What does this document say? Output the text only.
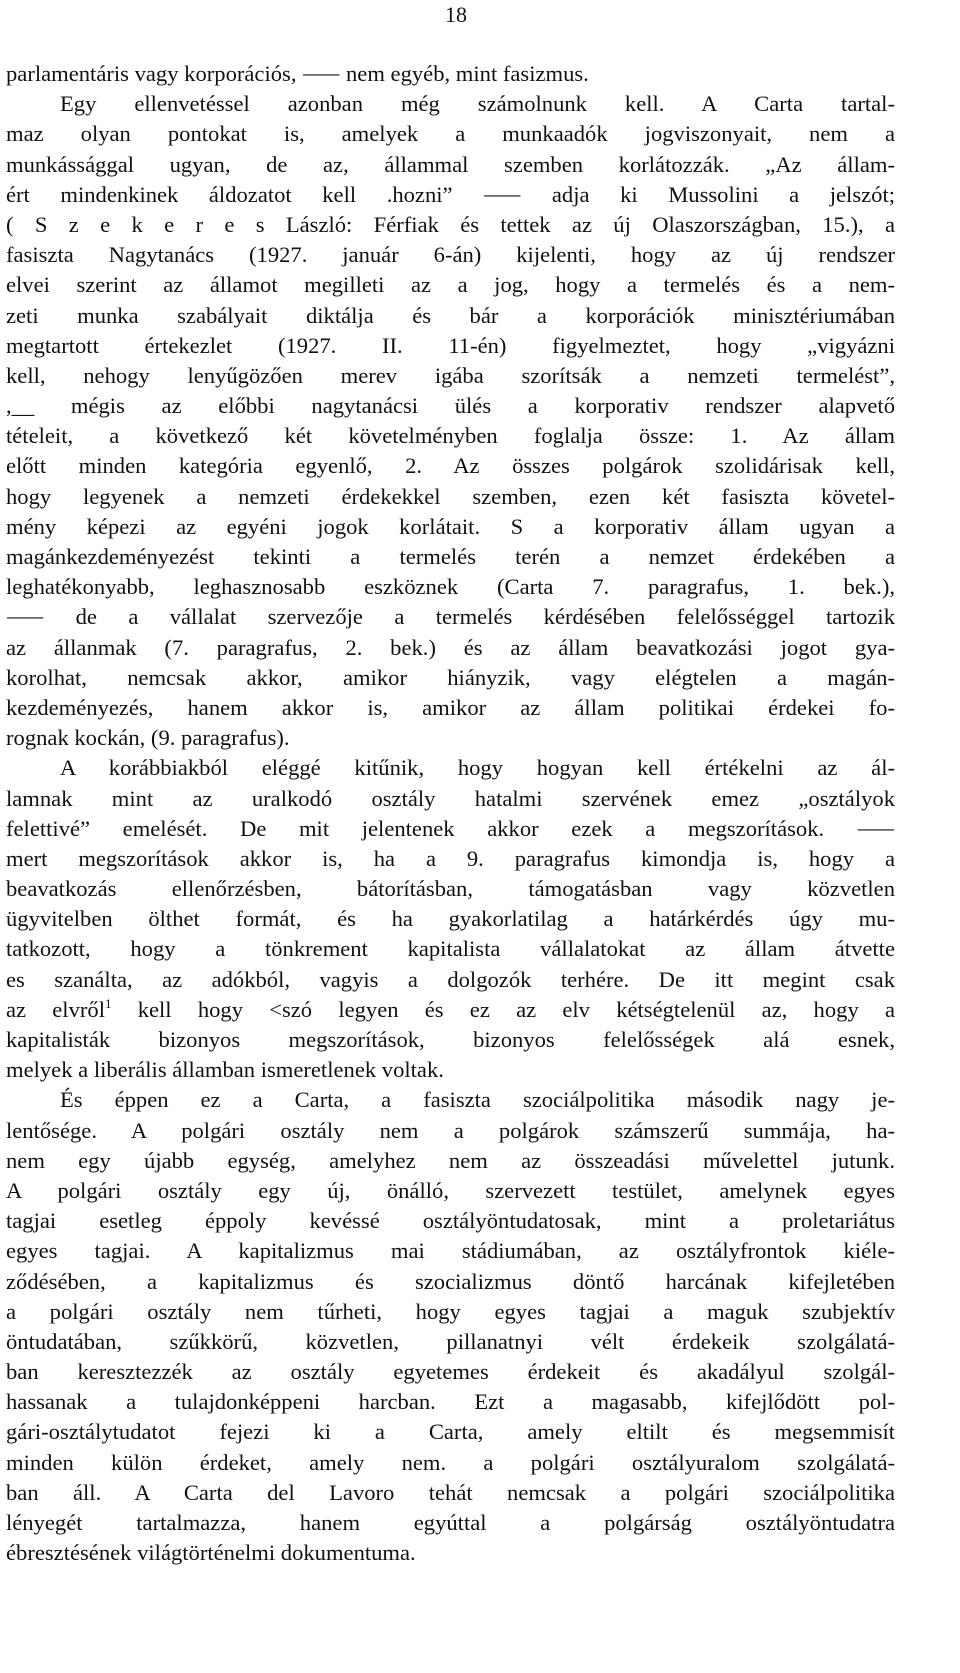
18
parlamentáris vagy korporációs, ⸺ nem egyéb, mint fasizmus.
Egy ellenvetéssel azonban még számolnunk kell. A Carta tartal-
maz olyan pontokat is, amelyek a munkaadók jogviszonyait, nem a
munkássággal ugyan, de az, állammal szemben korlátozzák. „Az állam-
ért mindenkinek áldozatot kell .hozni” ⸺ adja ki Mussolini a jelszót;
( S z e k e r e s László: Férfiak és tettek az új Olaszországban, 15.), a
fasiszta Nagytanács (1927. január 6-án) kijelenti, hogy az új rendszer
elvei szerint az államot megilleti az a jog, hogy a termelés és a nem-
zeti munka szabályait diktálja és bár a korporációk minisztériumában
megtartott értekezlet (1927. II. 11-én) figyelmeztet, hogy „vigyázni
kell, nehogy lenyűgözően merev igába szorítsák a nemzeti termelést”,
,__ mégis az előbbi nagytanácsi ülés a korporativ rendszer alapvető
tételeit, a következő két követelményben foglalja össze: 1. Az állam
előtt minden kategória egyenlő, 2. Az összes polgárok szolidárisak kell,
hogy legyenek a nemzeti érdekekkel szemben, ezen két fasiszta követel-
mény képezi az egyéni jogok korlátait. S a korporativ állam ugyan a
magánkezdeményezést tekinti a termelés terén a nemzet érdekében a
leghatékonyabb, leghasznosabb eszköznek (Carta 7. paragrafus, 1. bek.),
⸺ de a vállalat szervezője a termelés kérdésében felelősséggel tartozik
az állanmak (7. paragrafus, 2. bek.) és az állam beavatkozási jogot gya-
korolhat, nemcsak akkor, amikor hiányzik, vagy elégtelen a magán-
kezdeményezés, hanem akkor is, amikor az állam politikai érdekei fo-
rognak kockán, (9. paragrafus).
A korábbiakból eléggé kitűnik, hogy hogyan kell értékelni az ál-
lamnak mint az uralkodó osztály hatalmi szervének emez „osztályok
felettivé” emelését. De mit jelentenek akkor ezek a megszorítások. ⸺
mert megszorítások akkor is, ha a 9. paragrafus kimondja is, hogy a
beavatkozás ellenőrzésben, bátorításban, támogatásban vagy közvetlen
ügyvitelben ölthet formát, és ha gyakorlatilag a határkérdés úgy mu-
tatkozott, hogy a tönkrement kapitalista vállalatokat az állam átvette
es szanálta, az adókból, vagyis a dolgozók terhére. De itt megint csak
az elvről$^1$ kell hogy <szó legyen és ez az elv kétségtelenül az, hogy a
kapitalisták bizonyos megszorítások, bizonyos felelősségek alá esnek,
melyek a liberális államban ismeretlenek voltak.
És éppen ez a Carta, a fasiszta szociálpolitika második nagy je-
lentősége. A polgári osztály nem a polgárok számszerű summája, ha-
nem egy újabb egység, amelyhez nem az összeadási művelettel jutunk.
A polgári osztály egy új, önálló, szervezett testület, amelynek egyes
tagjai esetleg éppoly kevéssé osztályöntudatosak, mint a proletariátus
egyes tagjai. A kapitalizmus mai stádiumában, az osztályfrontok kiéle-
ződésében, a kapitalizmus és szocializmus döntő harcának kifejletében
a polgári osztály nem tűrheti, hogy egyes tagjai a maguk szubjektív
öntudatában, szűkkörű, közvetlen, pillanatnyi vélt érdekeik szolgálatá-
ban keresztezzék az osztály egyetemes érdekeit és akadályul szolgál-
hassanak a tulajdonképpeni harcban. Ezt a magasabb, kifejlődött pol-
gári-osztálytudatot fejezi ki a Carta, amely eltilt és megsemmisít
minden külön érdeket, amely nem. a polgári osztályuralom szolgálatá-
ban áll. A Carta del Lavoro tehát nemcsak a polgári szociálpolitika
lényegét tartalmazza, hanem egyúttal a polgárság osztályöntudatra
ébresztésének világtörténelmi dokumentuma.
